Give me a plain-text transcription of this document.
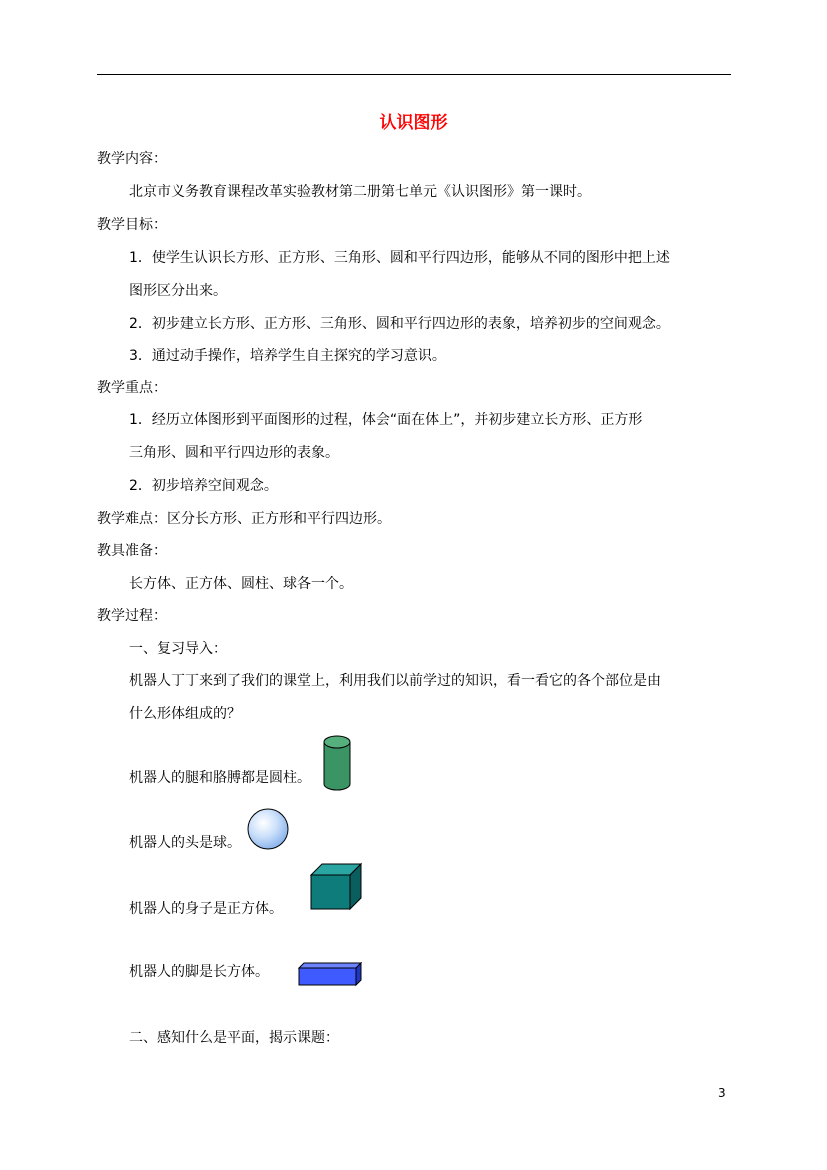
认识图形
教学内容：
北京市义务教育课程改革实验教材第二册第七单元《认识图形》第一课时。
教学目标：
1．使学生认识长方形、正方形、三角形、圆和平行四边形，能够从不同的图形中把上述
图形区分出来。
2．初步建立长方形、正方形、三角形、圆和平行四边形的表象，培养初步的空间观念。
3．通过动手操作，培养学生自主探究的学习意识。
教学重点：
1．经历立体图形到平面图形的过程，体会“面在体上”，并初步建立长方形、正方形
三角形、圆和平行四边形的表象。
2．初步培养空间观念。
教学难点：区分长方形、正方形和平行四边形。
教具准备：
长方体、正方体、圆柱、球各一个。
教学过程：
一、复习导入：
机器人丁丁来到了我们的课堂上，利用我们以前学过的知识，看一看它的各个部位是由
什么形体组成的？
机器人的腿和胳膊都是圆柱。
机器人的头是球。
机器人的身子是正方体。
机器人的脚是长方体。
二、感知什么是平面，揭示课题：
3
